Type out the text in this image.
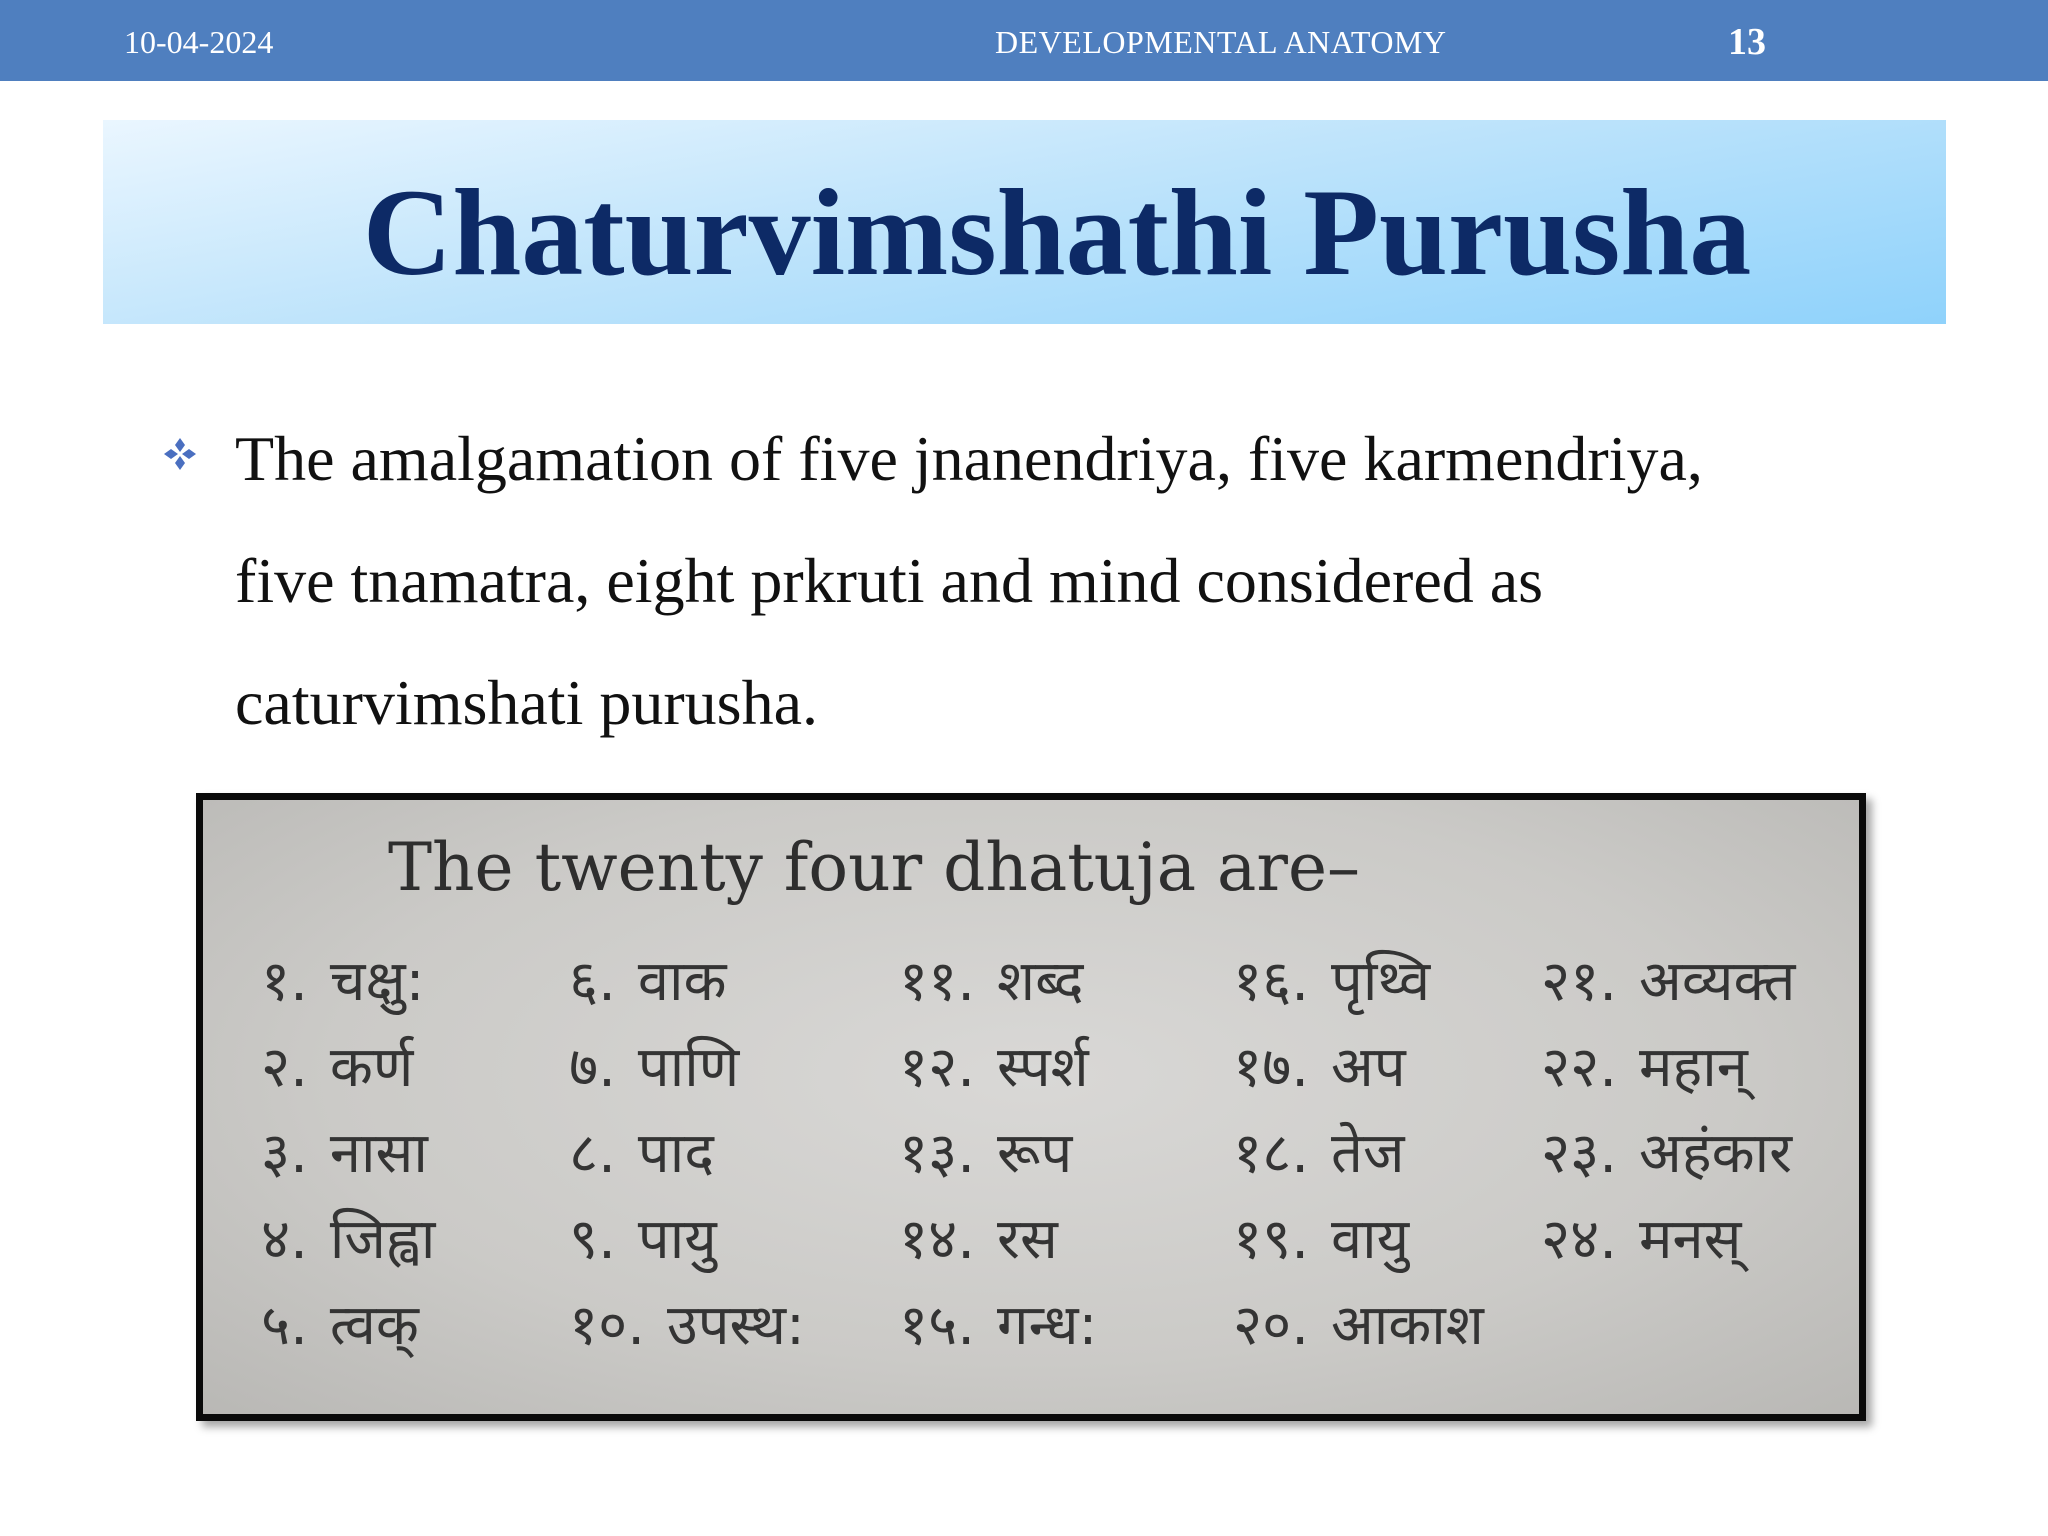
10-04-2024	DEVELOPMENTAL ANATOMY	13
Chaturvimshathi Purusha
The amalgamation of five jnanendriya, five karmendriya,
five tnamatra, eight prkruti and mind considered as
caturvimshati purusha.
The twenty four dhatuja are–
१. चक्षु:
२. कर्ण
३. नासा
४. जिह्वा
५. त्वक्
६. वाक
७. पाणि
८. पाद
९. पायु
१०. उपस्थ:
११. शब्द
१२. स्पर्श
१३. रूप
१४. रस
१५. गन्ध:
१६. पृथ्वि
१७. अप
१८. तेज
१९. वायु
२०. आकाश
२१. अव्यक्त
२२. महान्
२३. अहंकार
२४. मनस्
